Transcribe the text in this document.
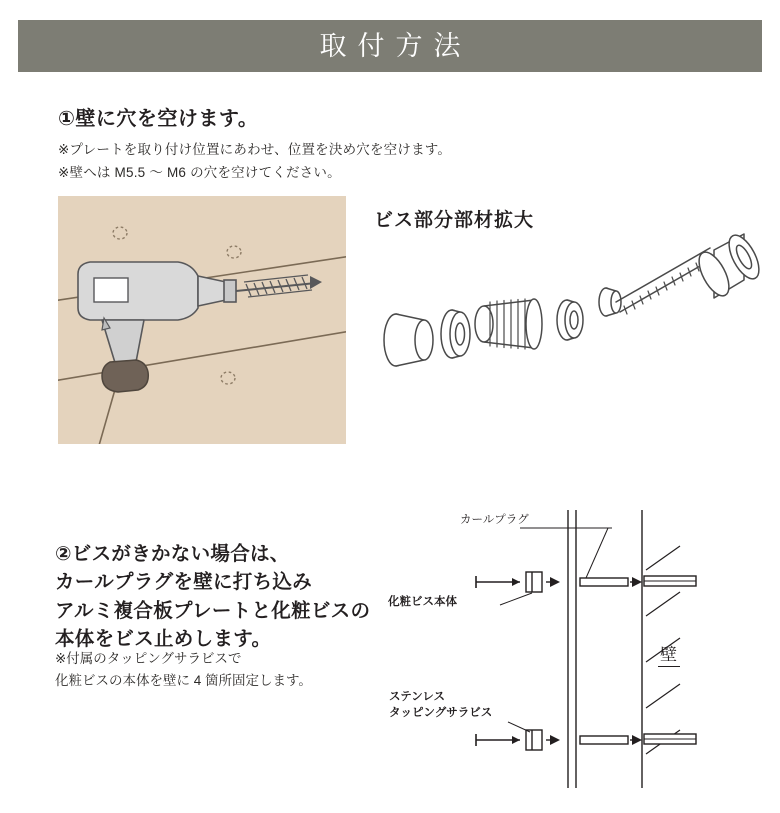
取付方法
①壁に穴を空けます。
※プレートを取り付け位置にあわせ、位置を決め穴を空けます。
※壁へは M5.5 〜 M6 の穴を空けてください。
ビス部分部材拡大
②ビスがきかない場合は、
カールプラグを壁に打ち込み
アルミ複合板プレートと化粧ビスの
本体をビス止めします。
※付属のタッピングサラビスで
化粧ビスの本体を壁に 4 箇所固定します。
カールプラグ
化粧ビス本体
ステンレス
タッピングサラビス
壁
